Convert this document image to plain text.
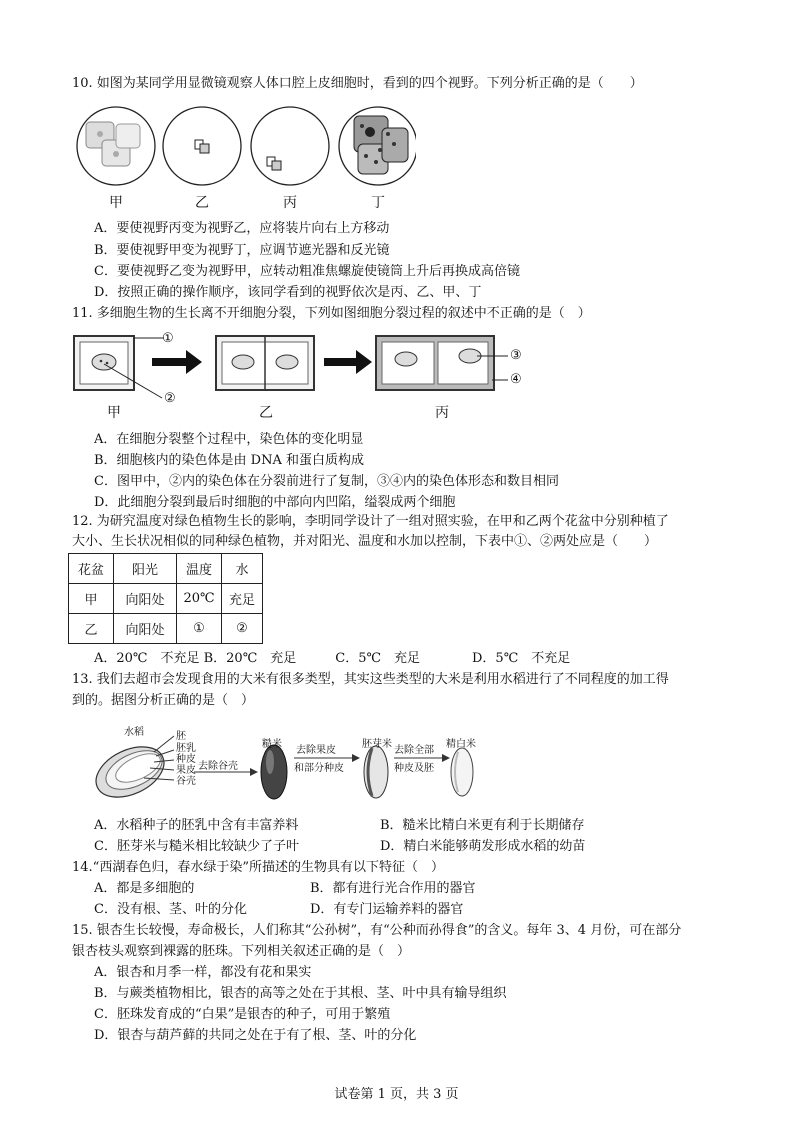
10. 如图为某同学用显微镜观察人体口腔上皮细胞时，看到的四个视野。下列分析正确的是（　　）
甲	乙	丙	丁
A．要使视野丙变为视野乙，应将装片向右上方移动
B．要使视野甲变为视野丁，应调节遮光器和反光镜
C．要使视野乙变为视野甲，应转动粗准焦螺旋使镜筒上升后再换成高倍镜
D．按照正确的操作顺序，该同学看到的视野依次是丙、乙、甲、丁
11. 多细胞生物的生长离不开细胞分裂，下列如图细胞分裂过程的叙述中不正确的是（　）
①
②
③
④
甲	乙	丙
A．在细胞分裂整个过程中，染色体的变化明显
B．细胞核内的染色体是由 DNA 和蛋白质构成
C．图甲中，②内的染色体在分裂前进行了复制，③④内的染色体形态和数目相同
D．此细胞分裂到最后时细胞的中部向内凹陷，缢裂成两个细胞
12. 为研究温度对绿色植物生长的影响，李明同学设计了一组对照实验，在甲和乙两个花盆中分别种植了
大小、生长状况相似的同种绿色植物，并对阳光、温度和水加以控制，下表中①、②两处应是（　　）
花盆	阳光	温度	水
甲	向阳处	20℃	充足
乙	向阳处	①	②
A．20℃　不充足 B．20℃　充足　　　C．5℃　充足　　　　D．5℃　不充足
13. 我们去超市会发现食用的大米有很多类型，其实这些类型的大米是利用水稻进行了不同程度的加工得
到的。据图分析正确的是（　）
水稻	胚
胚乳
种皮
果皮
谷壳
去除谷壳
糙米
去除果皮
和部分种皮
胚芽米
去除全部
种皮及胚
精白米
A．水稻种子的胚乳中含有丰富养料	B．糙米比精白米更有利于长期储存
C．胚芽米与糙米相比较缺少了子叶	D．精白米能够萌发形成水稻的幼苗
14.“西湖春色归，春水绿于染”所描述的生物具有以下特征（　）
A．都是多细胞的	B．都有进行光合作用的器官
C．没有根、茎、叶的分化	D．有专门运输养料的器官
15. 银杏生长较慢，寿命极长，人们称其“公孙树”，有“公种而孙得食”的含义。每年 3、4 月份，可在部分
银杏枝头观察到裸露的胚珠。下列相关叙述正确的是（　）
A．银杏和月季一样，都没有花和果实
B．与蕨类植物相比，银杏的高等之处在于其根、茎、叶中具有输导组织
C．胚珠发育成的“白果”是银杏的种子，可用于繁殖
D．银杏与葫芦藓的共同之处在于有了根、茎、叶的分化
试卷第 1 页，共 3 页
